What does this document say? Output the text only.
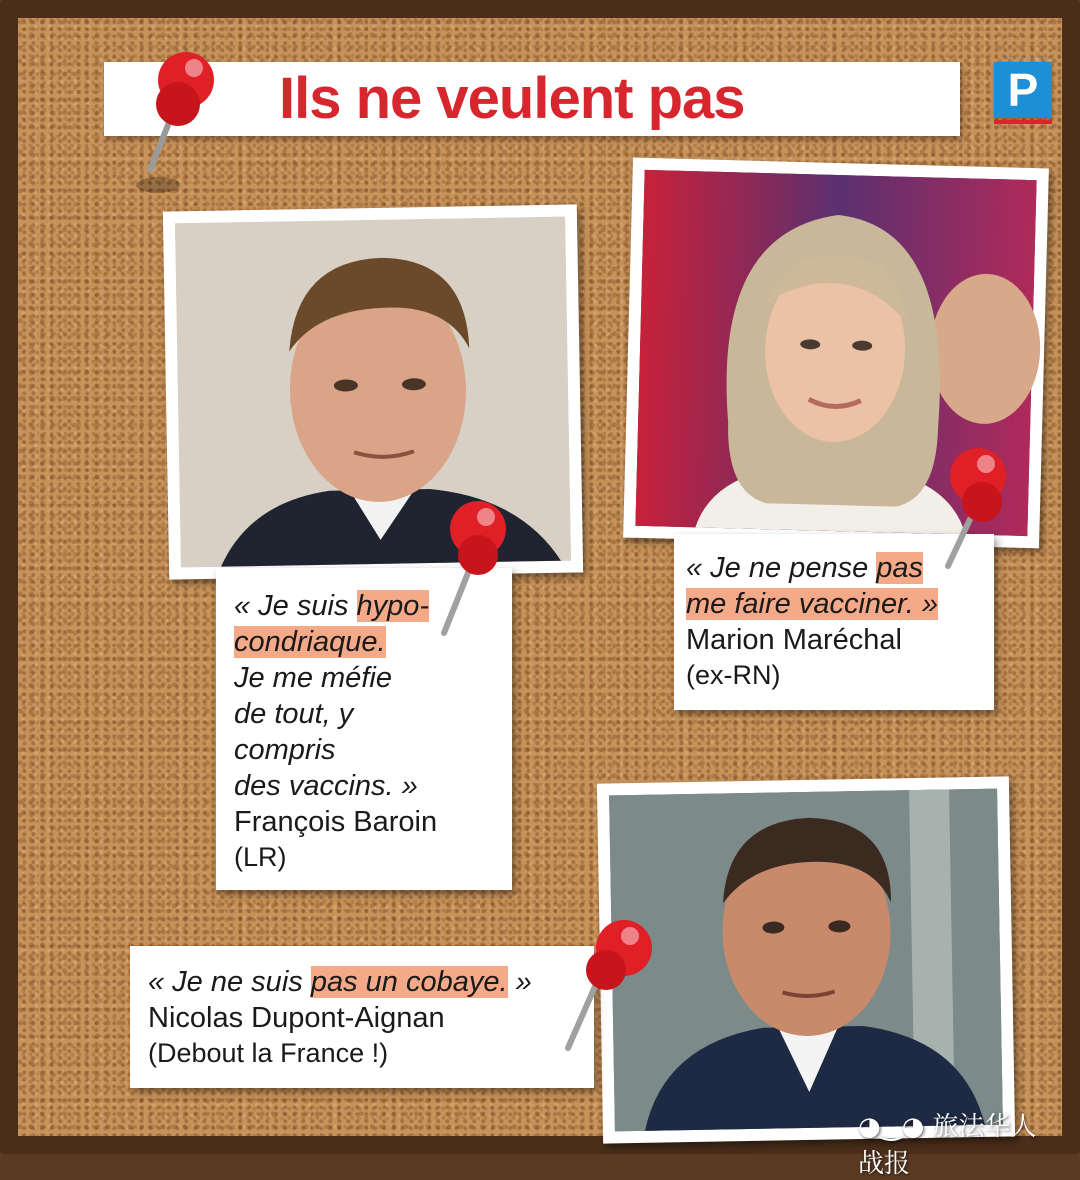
Ils ne veulent pas	P
« Je suis hypo-
condriaque.
Je me méfie
de tout, y
compris
des vaccins. »
François Baroin
(LR)
« Je ne pense pas
me faire vacciner. »
Marion Maréchal
(ex-RN)
« Je ne suis pas un cobaye. »
Nicolas Dupont-Aignan
(Debout la France !)
◕‿◕ 旅法华人战报
